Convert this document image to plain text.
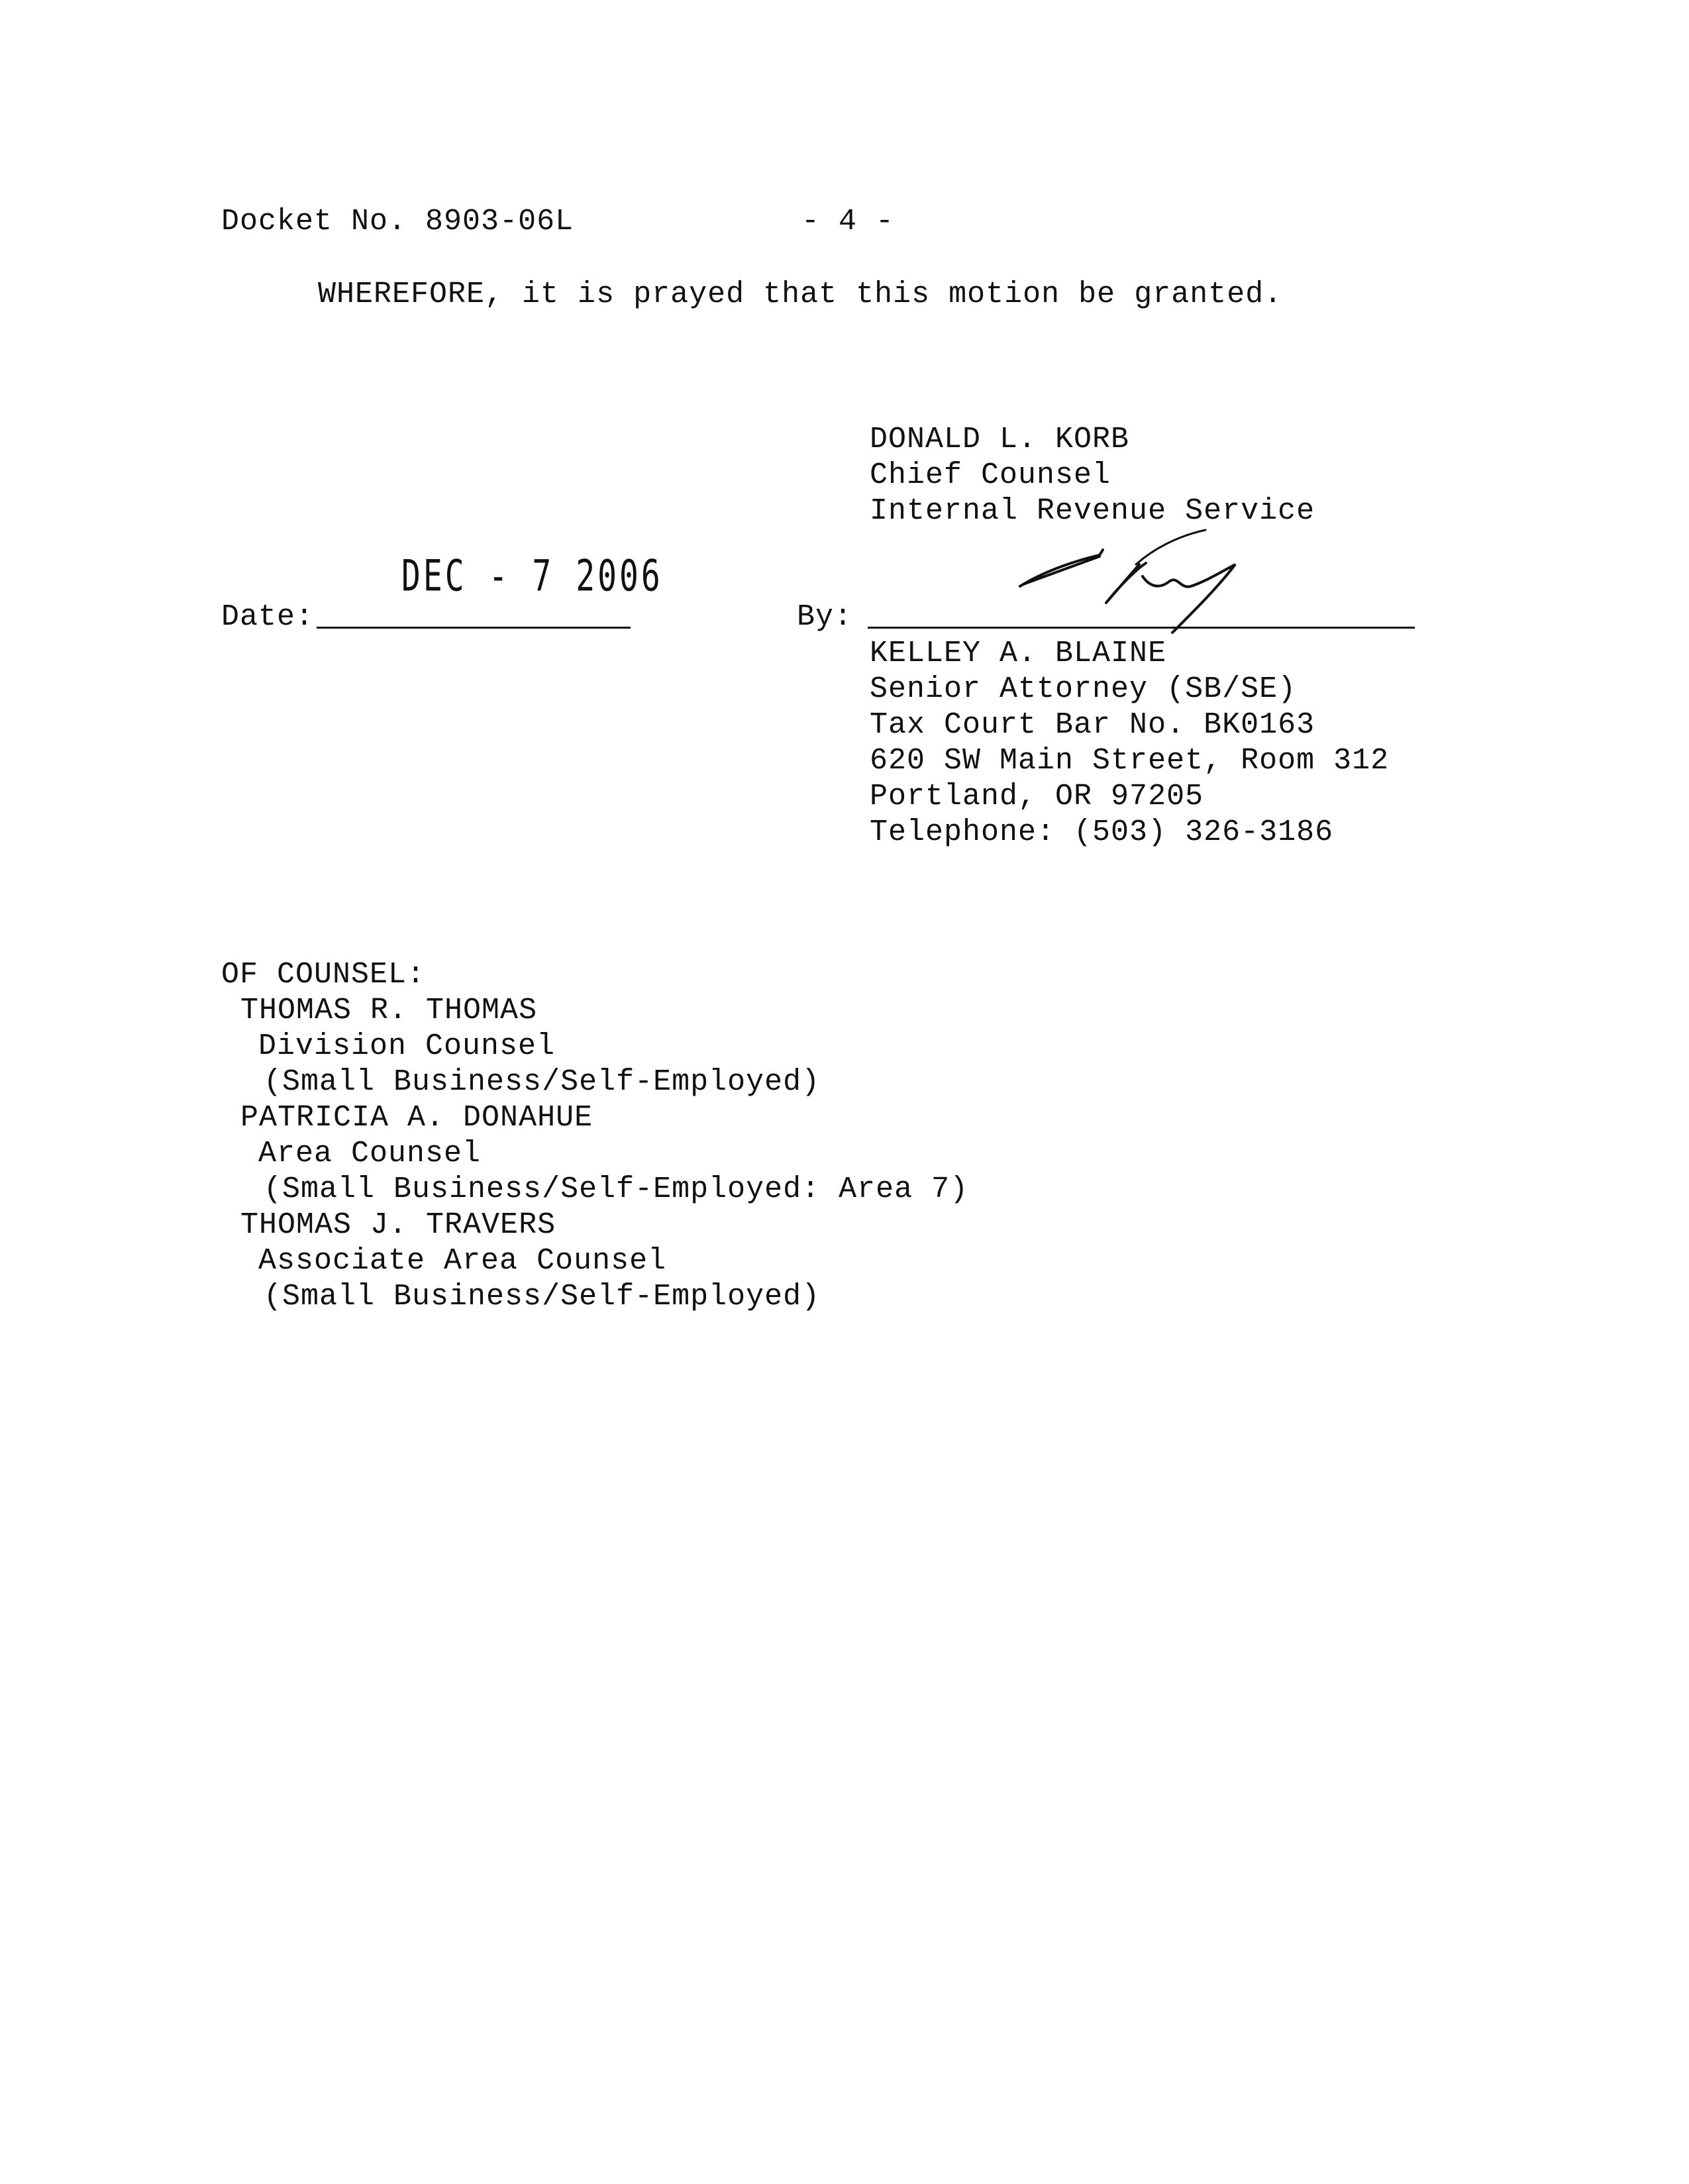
Docket No. 8903-06L	- 4 -
WHEREFORE, it is prayed that this motion be granted.
DONALD L. KORB
Chief Counsel
Internal Revenue Service
DEC - 7 2006
Date:	By:
KELLEY A. BLAINE
Senior Attorney (SB/SE)
Tax Court Bar No. BK0163
620 SW Main Street, Room 312
Portland, OR 97205
Telephone: (503) 326-3186
OF COUNSEL:
THOMAS R. THOMAS
Division Counsel
(Small Business/Self-Employed)
PATRICIA A. DONAHUE
Area Counsel
(Small Business/Self-Employed: Area 7)
THOMAS J. TRAVERS
Associate Area Counsel
(Small Business/Self-Employed)
